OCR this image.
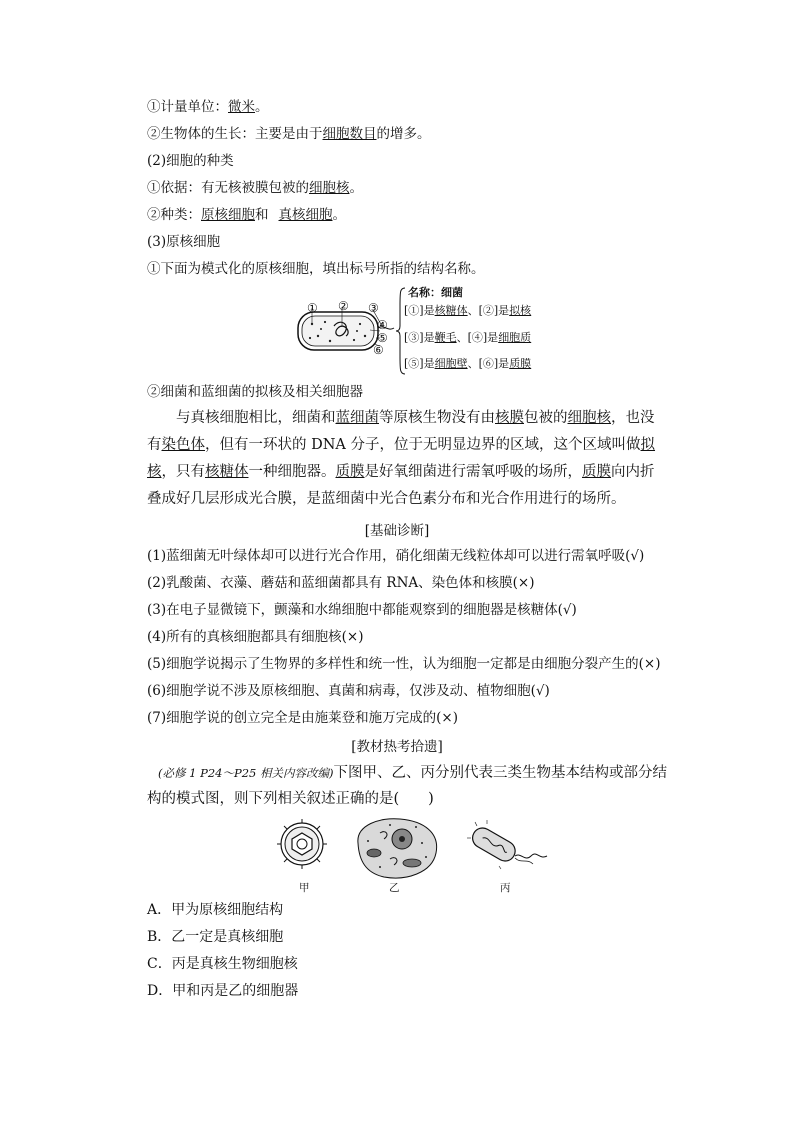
①计量单位：微米。
②生物体的生长：主要是由于细胞数目的增多。
(2)细胞的种类
①依据：有无核被膜包被的细胞核。
②种类：原核细胞和 真核细胞。
(3)原核细胞
①下面为模式化的原核细胞，填出标号所指的结构名称。
① ② ③
④
⑤
⑥
名称：细菌
[①]是核糖体、[②]是拟核
[③]是鞭毛、[④]是细胞质
[⑤]是细胞壁、[⑥]是质膜
②细菌和蓝细菌的拟核及相关细胞器
与真核细胞相比，细菌和蓝细菌等原核生物没有由核膜包被的细胞核，也没有染色体，但有一环状的 DNA 分子，位于无明显边界的区域，这个区域叫做拟核，只有核糖体一种细胞器。质膜是好氧细菌进行需氧呼吸的场所，质膜向内折叠成好几层形成光合膜，是蓝细菌中光合色素分布和光合作用进行的场所。
[基础诊断]
(1)蓝细菌无叶绿体却可以进行光合作用，硝化细菌无线粒体却可以进行需氧呼吸(√)
(2)乳酸菌、衣藻、蘑菇和蓝细菌都具有 RNA、染色体和核膜(×)
(3)在电子显微镜下，颤藻和水绵细胞中都能观察到的细胞器是核糖体(√)
(4)所有的真核细胞都具有细胞核(×)
(5)细胞学说揭示了生物界的多样性和统一性，认为细胞一定都是由细胞分裂产生的(×)
(6)细胞学说不涉及原核细胞、真菌和病毒，仅涉及动、植物细胞(√)
(7)细胞学说的创立完全是由施莱登和施万完成的(×)
[教材热考拾遗]
(必修 1 P24～P25 相关内容改编)下图甲、乙、丙分别代表三类生物基本结构或部分结
构的模式图，则下列相关叙述正确的是(　　)
甲	乙	丙
A．甲为原核细胞结构
B．乙一定是真核细胞
C．丙是真核生物细胞核
D．甲和丙是乙的细胞器
